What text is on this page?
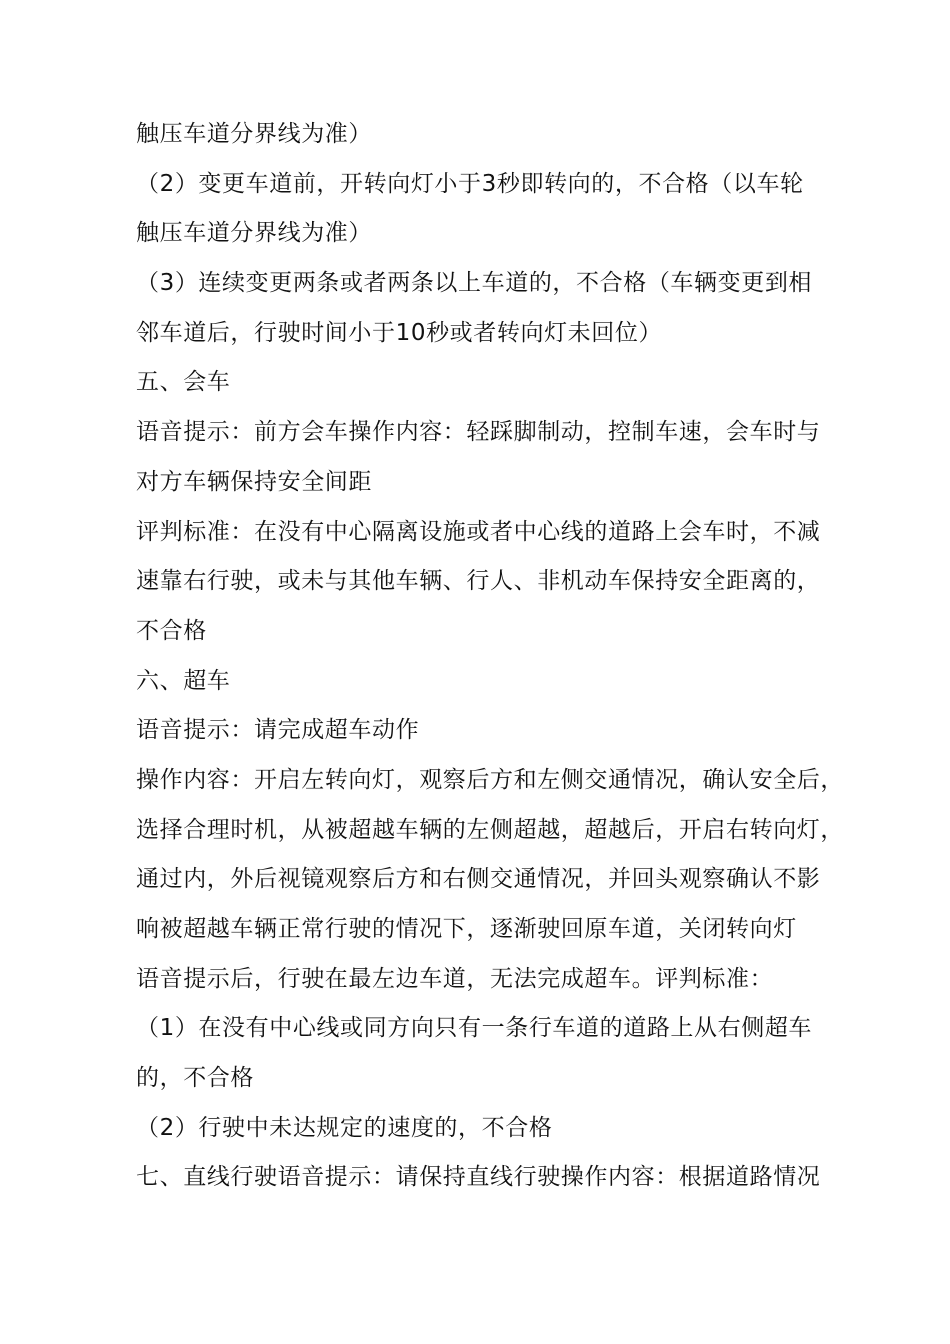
触压车道分界线为准）
（2）变更车道前，开转向灯小于3秒即转向的，不合格（以车轮
触压车道分界线为准）
（3）连续变更两条或者两条以上车道的，不合格（车辆变更到相
邻车道后，行驶时间小于10秒或者转向灯未回位）
五、会车
语音提示：前方会车操作内容：轻踩脚制动，控制车速，会车时与
对方车辆保持安全间距
评判标准：在没有中心隔离设施或者中心线的道路上会车时，不减
速靠右行驶，或未与其他车辆、行人、非机动车保持安全距离的，
不合格
六、超车
语音提示：请完成超车动作
操作内容：开启左转向灯，观察后方和左侧交通情况，确认安全后，
选择合理时机，从被超越车辆的左侧超越，超越后，开启右转向灯，
通过内，外后视镜观察后方和右侧交通情况，并回头观察确认不影
响被超越车辆正常行驶的情况下，逐渐驶回原车道，关闭转向灯
语音提示后，行驶在最左边车道，无法完成超车。评判标准：
（1）在没有中心线或同方向只有一条行车道的道路上从右侧超车
的，不合格
（2）行驶中未达规定的速度的，不合格
七、直线行驶语音提示：请保持直线行驶操作内容：根据道路情况
